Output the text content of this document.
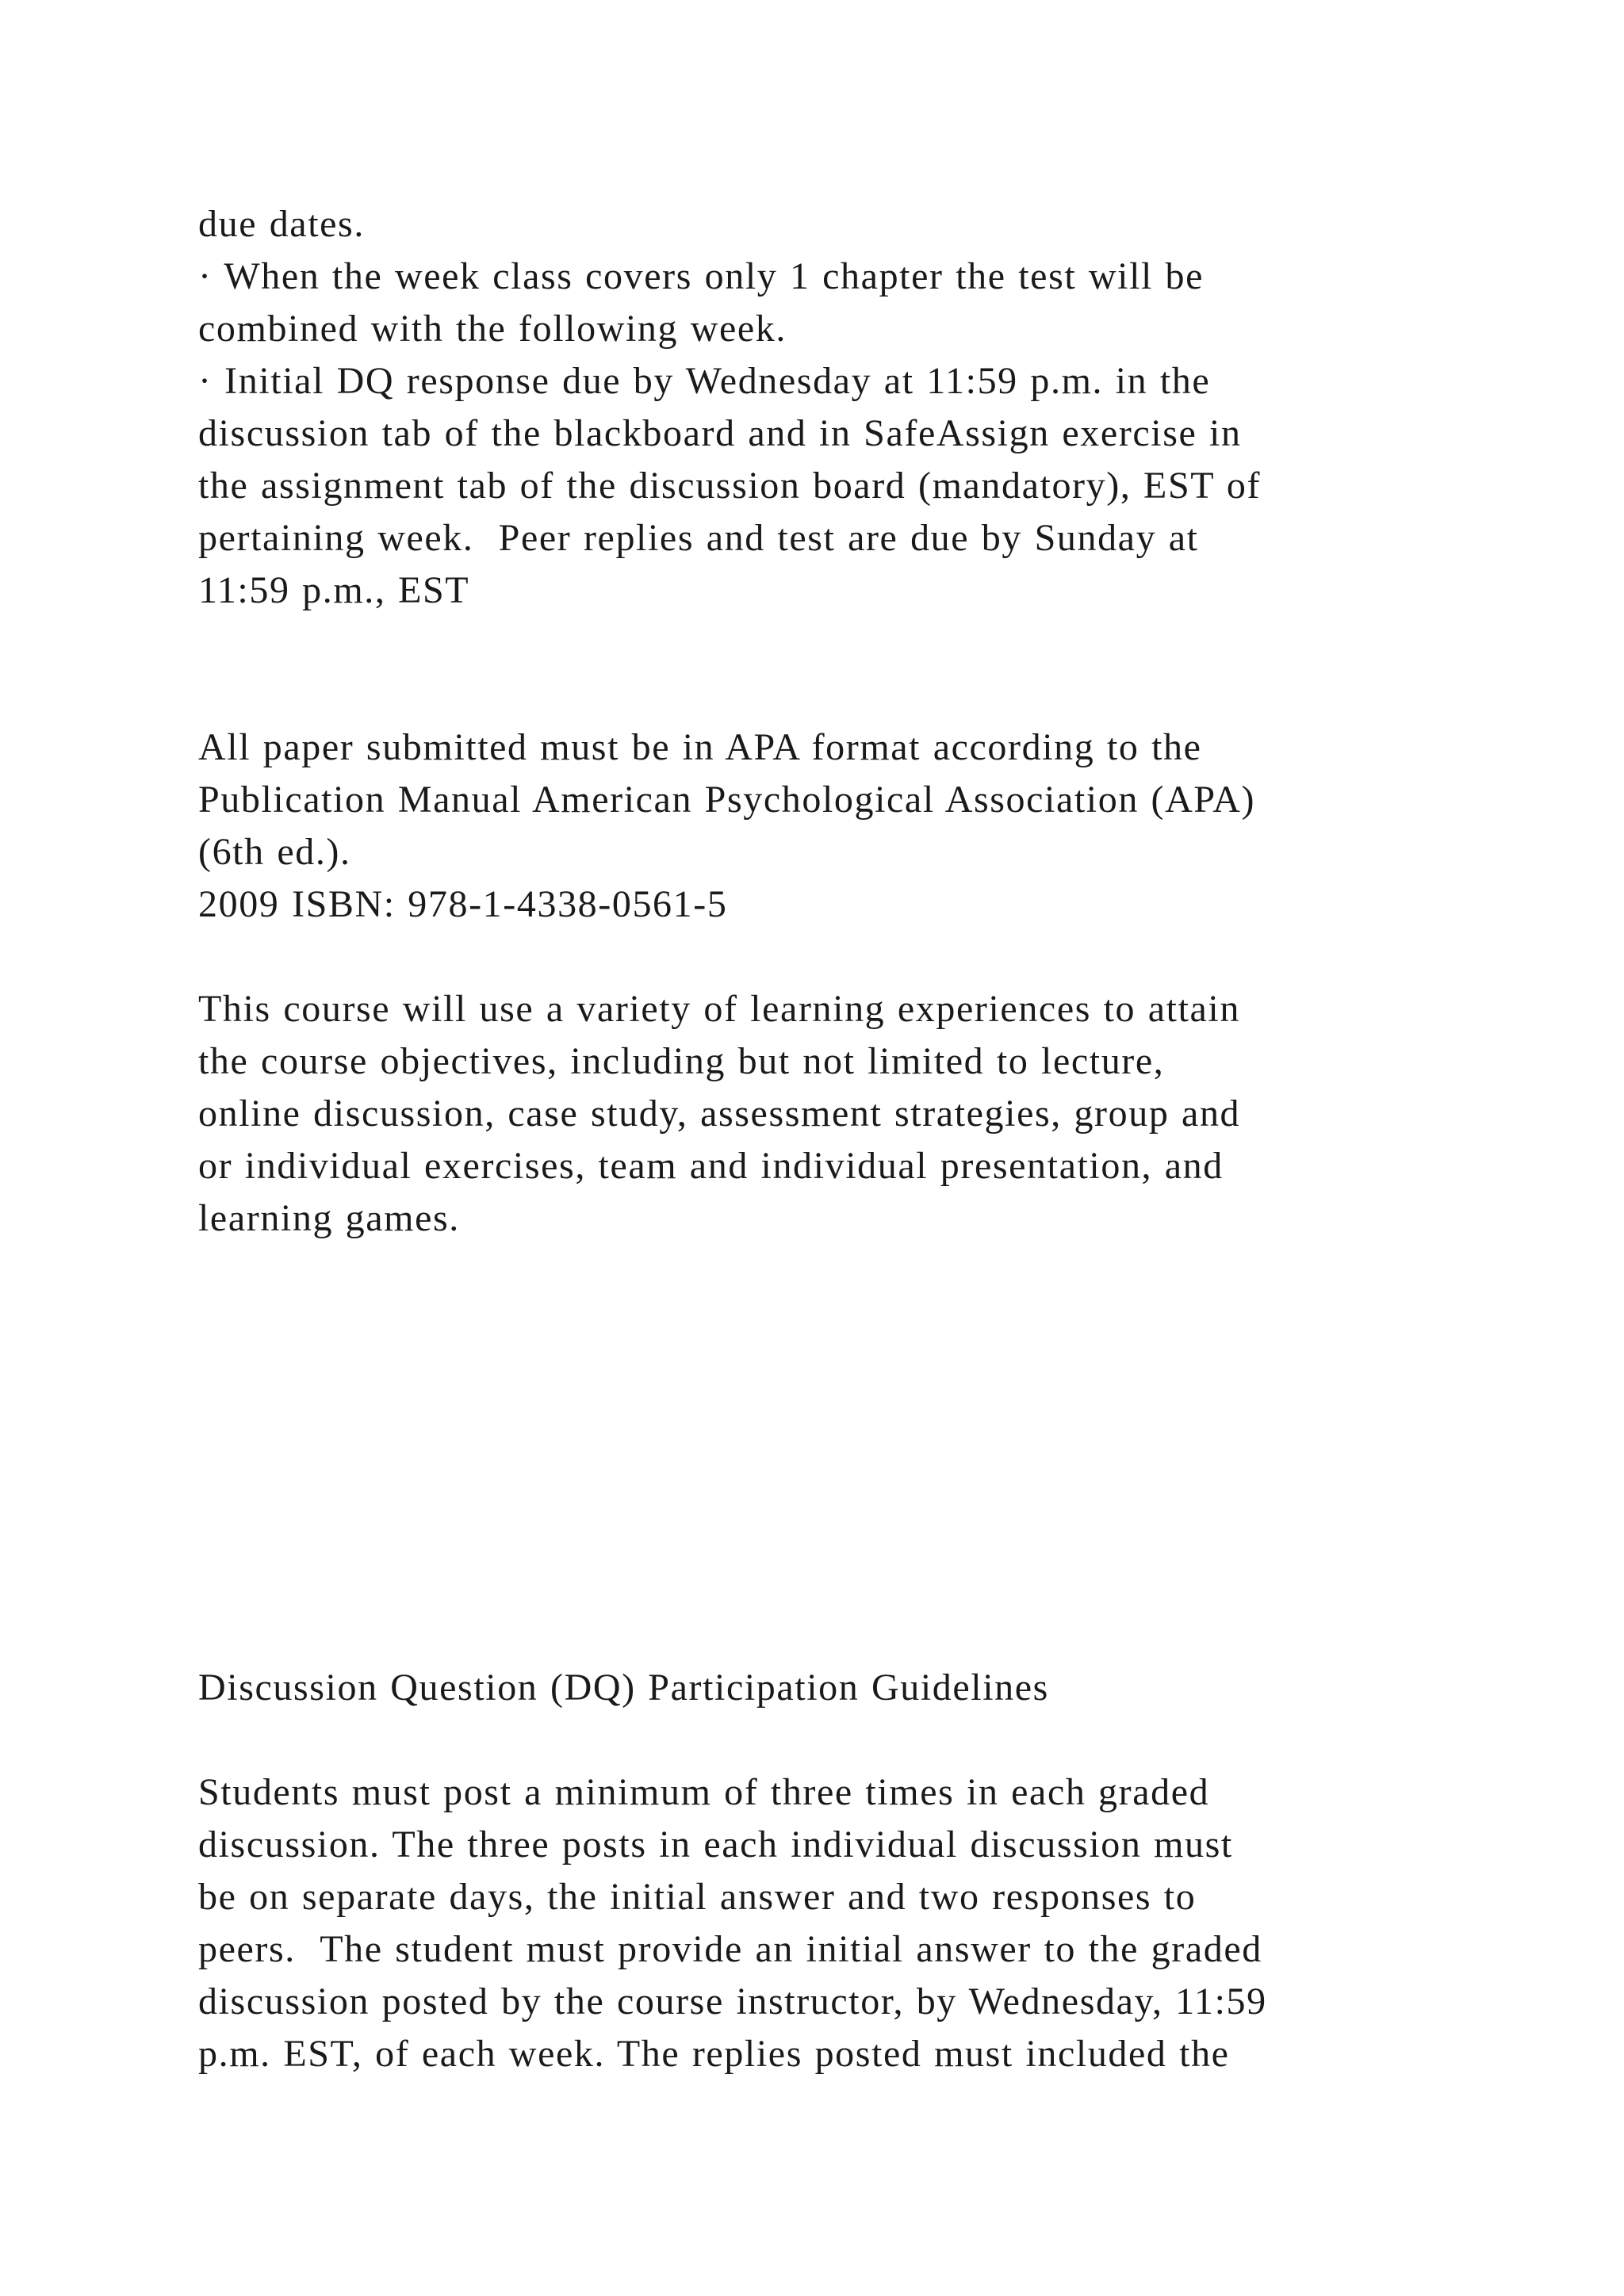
due dates.
· When the week class covers only 1 chapter the test will be
combined with the following week.
· Initial DQ response due by Wednesday at 11:59 p.m. in the
discussion tab of the blackboard and in SafeAssign exercise in
the assignment tab of the discussion board (mandatory), EST of
pertaining week.  Peer replies and test are due by Sunday at
11:59 p.m., EST
All paper submitted must be in APA format according to the
Publication Manual American Psychological Association (APA)
(6th ed.).
2009 ISBN: 978-1-4338-0561-5
This course will use a variety of learning experiences to attain
the course objectives, including but not limited to lecture,
online discussion, case study, assessment strategies, group and
or individual exercises, team and individual presentation, and
learning games.
Discussion Question (DQ) Participation Guidelines
Students must post a minimum of three times in each graded
discussion. The three posts in each individual discussion must
be on separate days, the initial answer and two responses to
peers.  The student must provide an initial answer to the graded
discussion posted by the course instructor, by Wednesday, 11:59
p.m. EST, of each week. The replies posted must included the
